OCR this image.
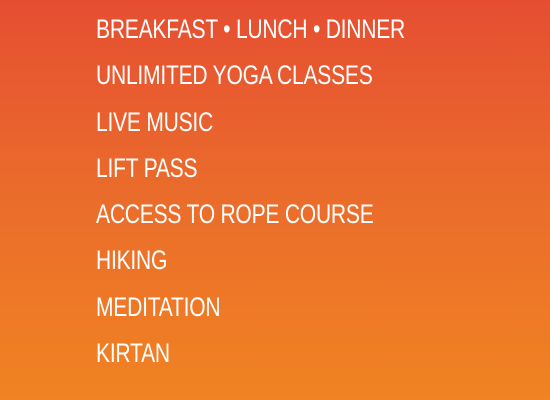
BREAKFAST • LUNCH • DINNER
UNLIMITED YOGA CLASSES
LIVE MUSIC
LIFT PASS
ACCESS TO ROPE COURSE
HIKING
MEDITATION
KIRTAN
